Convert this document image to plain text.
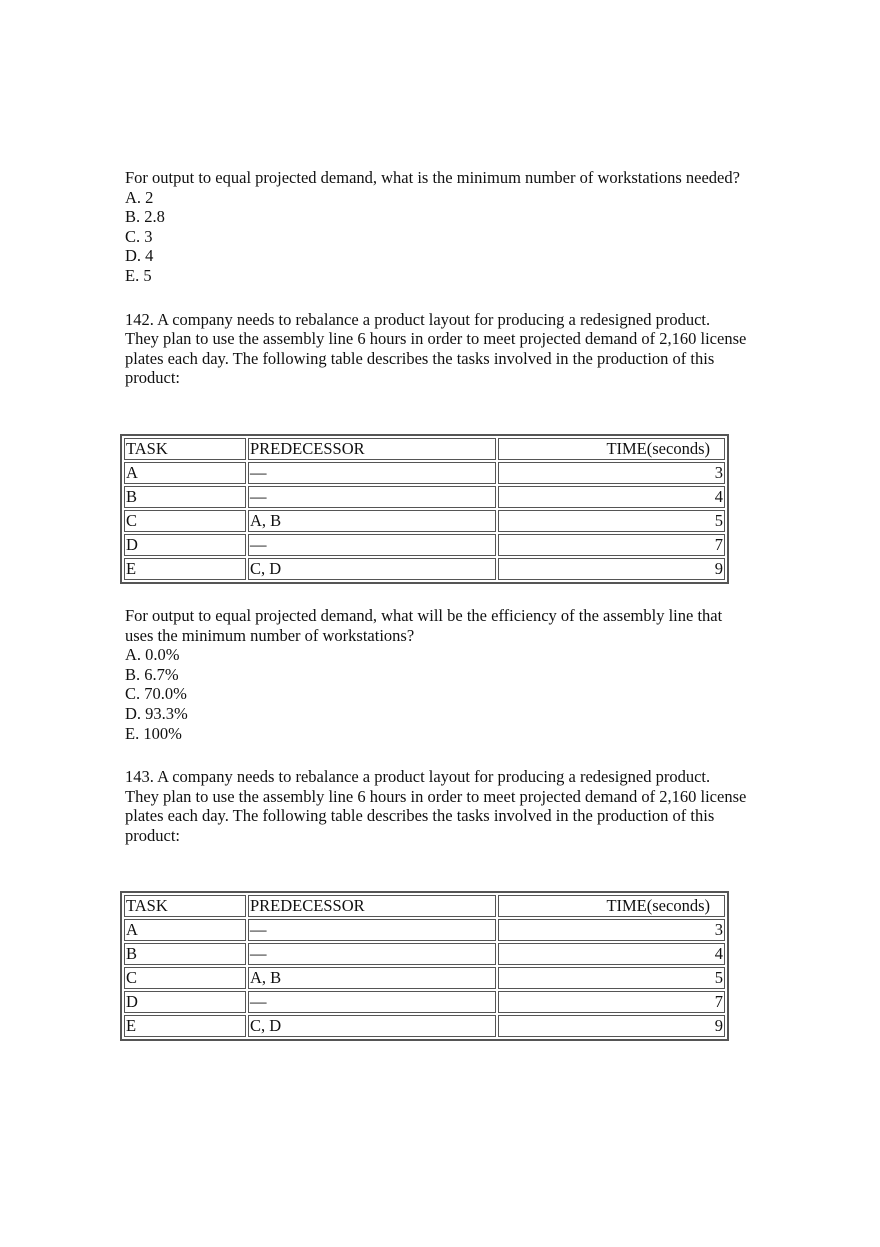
For output to equal projected demand, what is the minimum number of workstations needed?
A. 2
B. 2.8
C. 3
D. 4
E. 5
142. A company needs to rebalance a product layout for producing a redesigned product.
They plan to use the assembly line 6 hours in order to meet projected demand of 2,160 license
plates each day. The following table describes the tasks involved in the production of this
product:
TASK	PREDECESSOR	TIME(seconds)
A	—	3
B	—	4
C	A, B	5
D	—	7
E	C, D	9
For output to equal projected demand, what will be the efficiency of the assembly line that
uses the minimum number of workstations?
A. 0.0%
B. 6.7%
C. 70.0%
D. 93.3%
E. 100%
143. A company needs to rebalance a product layout for producing a redesigned product.
They plan to use the assembly line 6 hours in order to meet projected demand of 2,160 license
plates each day. The following table describes the tasks involved in the production of this
product:
TASK	PREDECESSOR	TIME(seconds)
A	—	3
B	—	4
C	A, B	5
D	—	7
E	C, D	9
